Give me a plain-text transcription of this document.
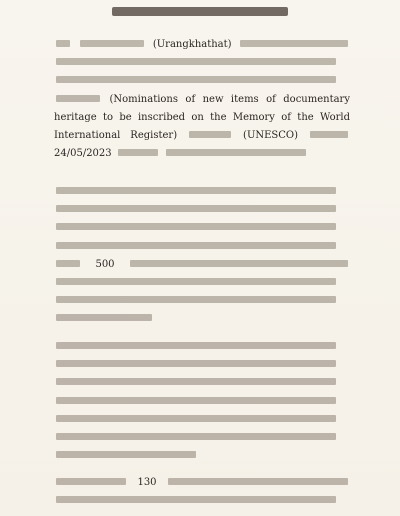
(Urangkhathat)     (Nominations of new items of documentary heritage to be inscribed on the Memory of the World International Register)	(UNESCO)  24/05/2023

500

130
